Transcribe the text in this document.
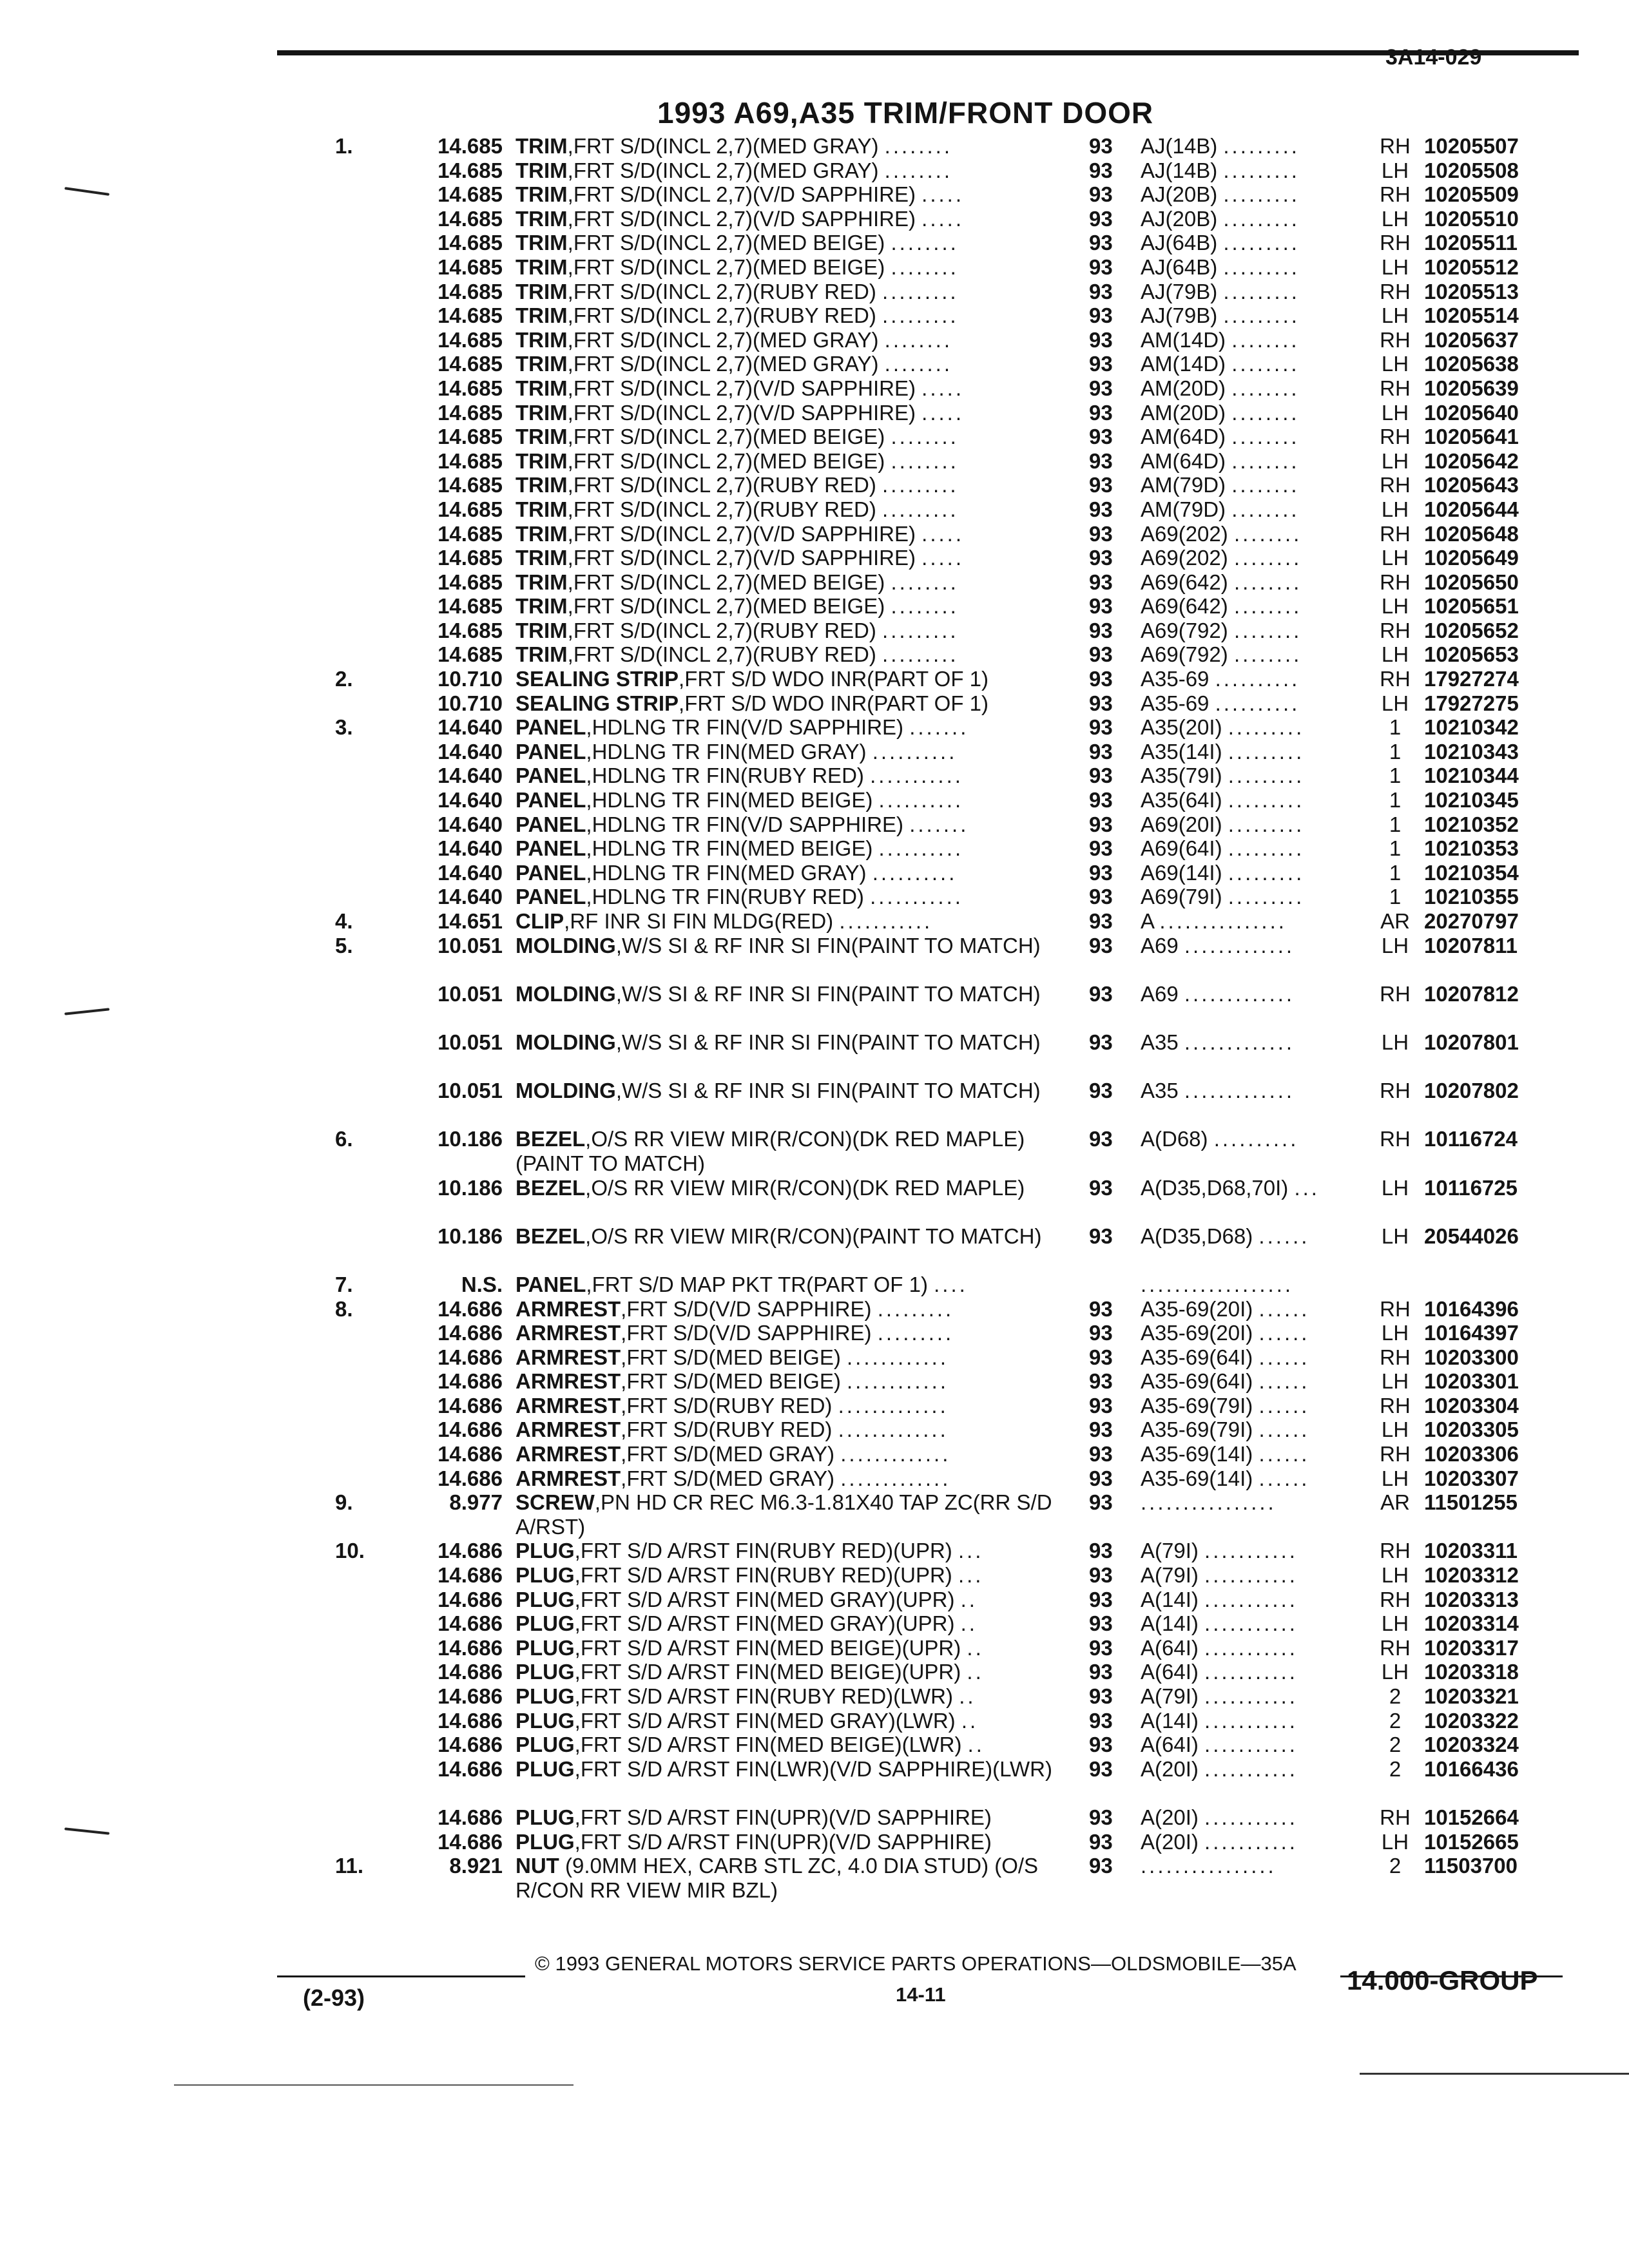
3A14-029
1993 A69,A35 TRIM/FRONT DOOR
1.	14.685 TRIM,FRT S/D(INCL 2,7)(MED GRAY) ........	93 AJ(14B) .........	RH 10205507
14.685 TRIM,FRT S/D(INCL 2,7)(MED GRAY) ........	93 AJ(14B) .........	LH 10205508
14.685 TRIM,FRT S/D(INCL 2,7)(V/D SAPPHIRE) .....	93 AJ(20B) .........	RH 10205509
14.685 TRIM,FRT S/D(INCL 2,7)(V/D SAPPHIRE) .....	93 AJ(20B) .........	LH 10205510
14.685 TRIM,FRT S/D(INCL 2,7)(MED BEIGE) ........	93 AJ(64B) .........	RH 10205511
14.685 TRIM,FRT S/D(INCL 2,7)(MED BEIGE) ........	93 AJ(64B) .........	LH 10205512
14.685 TRIM,FRT S/D(INCL 2,7)(RUBY RED) .........	93 AJ(79B) .........	RH 10205513
14.685 TRIM,FRT S/D(INCL 2,7)(RUBY RED) .........	93 AJ(79B) .........	LH 10205514
14.685 TRIM,FRT S/D(INCL 2,7)(MED GRAY) ........	93 AM(14D) ........	RH 10205637
14.685 TRIM,FRT S/D(INCL 2,7)(MED GRAY) ........	93 AM(14D) ........	LH 10205638
14.685 TRIM,FRT S/D(INCL 2,7)(V/D SAPPHIRE) .....	93 AM(20D) ........	RH 10205639
14.685 TRIM,FRT S/D(INCL 2,7)(V/D SAPPHIRE) .....	93 AM(20D) ........	LH 10205640
14.685 TRIM,FRT S/D(INCL 2,7)(MED BEIGE) ........	93 AM(64D) ........	RH 10205641
14.685 TRIM,FRT S/D(INCL 2,7)(MED BEIGE) ........	93 AM(64D) ........	LH 10205642
14.685 TRIM,FRT S/D(INCL 2,7)(RUBY RED) .........	93 AM(79D) ........	RH 10205643
14.685 TRIM,FRT S/D(INCL 2,7)(RUBY RED) .........	93 AM(79D) ........	LH 10205644
14.685 TRIM,FRT S/D(INCL 2,7)(V/D SAPPHIRE) .....	93 A69(202) ........	RH 10205648
14.685 TRIM,FRT S/D(INCL 2,7)(V/D SAPPHIRE) .....	93 A69(202) ........	LH 10205649
14.685 TRIM,FRT S/D(INCL 2,7)(MED BEIGE) ........	93 A69(642) ........	RH 10205650
14.685 TRIM,FRT S/D(INCL 2,7)(MED BEIGE) ........	93 A69(642) ........	LH 10205651
14.685 TRIM,FRT S/D(INCL 2,7)(RUBY RED) .........	93 A69(792) ........	RH 10205652
14.685 TRIM,FRT S/D(INCL 2,7)(RUBY RED) .........	93 A69(792) ........	LH 10205653
2.	10.710 SEALING STRIP,FRT S/D WDO INR(PART OF 1)	93 A35-69 ..........	RH 17927274
10.710 SEALING STRIP,FRT S/D WDO INR(PART OF 1)	93 A35-69 ..........	LH 17927275
3.	14.640 PANEL,HDLNG TR FIN(V/D SAPPHIRE) .......	93 A35(20I) .........	1	10210342
14.640 PANEL,HDLNG TR FIN(MED GRAY) ..........	93 A35(14I) .........	1	10210343
14.640 PANEL,HDLNG TR FIN(RUBY RED) ...........	93 A35(79I) .........	1	10210344
14.640 PANEL,HDLNG TR FIN(MED BEIGE) ..........	93 A35(64I) .........	1	10210345
14.640 PANEL,HDLNG TR FIN(V/D SAPPHIRE) .......	93 A69(20I) .........	1	10210352
14.640 PANEL,HDLNG TR FIN(MED BEIGE) ..........	93 A69(64I) .........	1	10210353
14.640 PANEL,HDLNG TR FIN(MED GRAY) ..........	93 A69(14I) .........	1	10210354
14.640 PANEL,HDLNG TR FIN(RUBY RED) ...........	93 A69(79I) .........	1	10210355
4.	14.651 CLIP,RF INR SI FIN MLDG(RED) ...........	93 A ...............	AR 20270797
5.	10.051 MOLDING,W/S SI & RF INR SI FIN(PAINT TO MATCH)	93 A69 .............	LH 10207811
10.051 MOLDING,W/S SI & RF INR SI FIN(PAINT TO MATCH)	93 A69 .............	RH 10207812
10.051 MOLDING,W/S SI & RF INR SI FIN(PAINT TO MATCH)	93 A35 .............	LH 10207801
10.051 MOLDING,W/S SI & RF INR SI FIN(PAINT TO MATCH)	93 A35 .............	RH 10207802
6.	10.186 BEZEL,O/S RR VIEW MIR(R/CON)(DK RED MAPLE)(PAINT TO MATCH)
93 A(D68) ..........	RH 10116724
10.186 BEZEL,O/S RR VIEW MIR(R/CON)(DK RED MAPLE)	93 A(D35,D68,70I) ...	LH 10116725
10.186 BEZEL,O/S RR VIEW MIR(R/CON)(PAINT TO MATCH)	93 A(D35,D68) ......	LH 20544026
7.	N.S. PANEL,FRT S/D MAP PKT TR(PART OF 1) ....	..................
8.	14.686 ARMREST,FRT S/D(V/D SAPPHIRE) .........	93 A35-69(20I) ......	RH 10164396
14.686 ARMREST,FRT S/D(V/D SAPPHIRE) .........	93 A35-69(20I) ......	LH 10164397
14.686 ARMREST,FRT S/D(MED BEIGE) ............	93 A35-69(64I) ......	RH 10203300
14.686 ARMREST,FRT S/D(MED BEIGE) ............	93 A35-69(64I) ......	LH 10203301
14.686 ARMREST,FRT S/D(RUBY RED) .............	93 A35-69(79I) ......	RH 10203304
14.686 ARMREST,FRT S/D(RUBY RED) .............	93 A35-69(79I) ......	LH 10203305
14.686 ARMREST,FRT S/D(MED GRAY) .............	93 A35-69(14I) ......	RH 10203306
14.686 ARMREST,FRT S/D(MED GRAY) .............	93 A35-69(14I) ......	LH 10203307
9.	8.977 SCREW,PN HD CR REC M6.3-1.81X40 TAP ZC(RR S/D A/RST)
93 ................	AR 11501255
10.	14.686 PLUG,FRT S/D A/RST FIN(RUBY RED)(UPR) ...	93 A(79I) ...........	RH 10203311
14.686 PLUG,FRT S/D A/RST FIN(RUBY RED)(UPR) ...	93 A(79I) ...........	LH 10203312
14.686 PLUG,FRT S/D A/RST FIN(MED GRAY)(UPR) ..	93 A(14I) ...........	RH 10203313
14.686 PLUG,FRT S/D A/RST FIN(MED GRAY)(UPR) ..	93 A(14I) ...........	LH 10203314
14.686 PLUG,FRT S/D A/RST FIN(MED BEIGE)(UPR) ..	93 A(64I) ...........	RH 10203317
14.686 PLUG,FRT S/D A/RST FIN(MED BEIGE)(UPR) ..	93 A(64I) ...........	LH 10203318
14.686 PLUG,FRT S/D A/RST FIN(RUBY RED)(LWR) ..	93 A(79I) ...........	2	10203321
14.686 PLUG,FRT S/D A/RST FIN(MED GRAY)(LWR) ..	93 A(14I) ...........	2	10203322
14.686 PLUG,FRT S/D A/RST FIN(MED BEIGE)(LWR) ..	93 A(64I) ...........	2	10203324
14.686 PLUG,FRT S/D A/RST FIN(LWR)(V/D SAPPHIRE)(LWR) 93 A(20I) ...........	2	10166436
14.686 PLUG,FRT S/D A/RST FIN(UPR)(V/D SAPPHIRE)	93 A(20I) ...........	RH 10152664
14.686 PLUG,FRT S/D A/RST FIN(UPR)(V/D SAPPHIRE)	93 A(20I) ...........	LH 10152665
11.	8.921 NUT (9.0MM HEX, CARB STL ZC, 4.0 DIA STUD) (O/S R/CON RR VIEW MIR BZL)
93 ................	2	11503700
© 1993 GENERAL MOTORS SERVICE PARTS OPERATIONS—OLDSMOBILE—35A
(2-93)	14-11	14.000-GROUP
